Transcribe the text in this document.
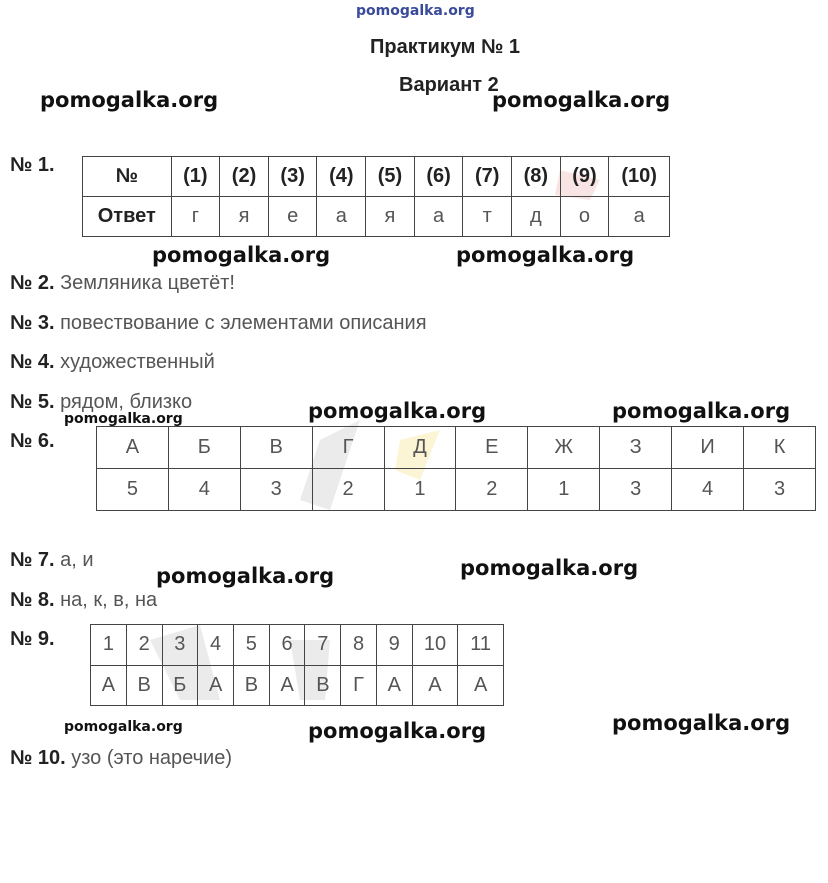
pomogalka.org
pomogalka.org	pomogalka.org
pomogalka.org	pomogalka.org
pomogalka.org	pomogalka.org
pomogalka.org
pomogalka.org	pomogalka.org
pomogalka.org	pomogalka.org	pomogalka.org
Практикум № 1
Вариант 2
№ 1.	№	(1)	(2)	(3)	(4)	(5)	(6)	(7)	(8)	(9)	(10)
Ответ	г	я	е	а	я	а	т	д	о	а
№ 2. Земляника цветёт!
№ 3. повествование с элементами описания
№ 4. художественный
№ 5. рядом, близко
№ 6.	А	Б	В	Г	Д	Е	Ж	З	И	К
5	4	3	2	1	2	1	3	4	3
№ 7. а, и
№ 8. на, к, в, на
№ 9. 1	2	3	4	5	6	7	8	9	10	11
А	В	Б	А	В	А	В	Г	А	А	А
№ 10. узо (это наречие)
